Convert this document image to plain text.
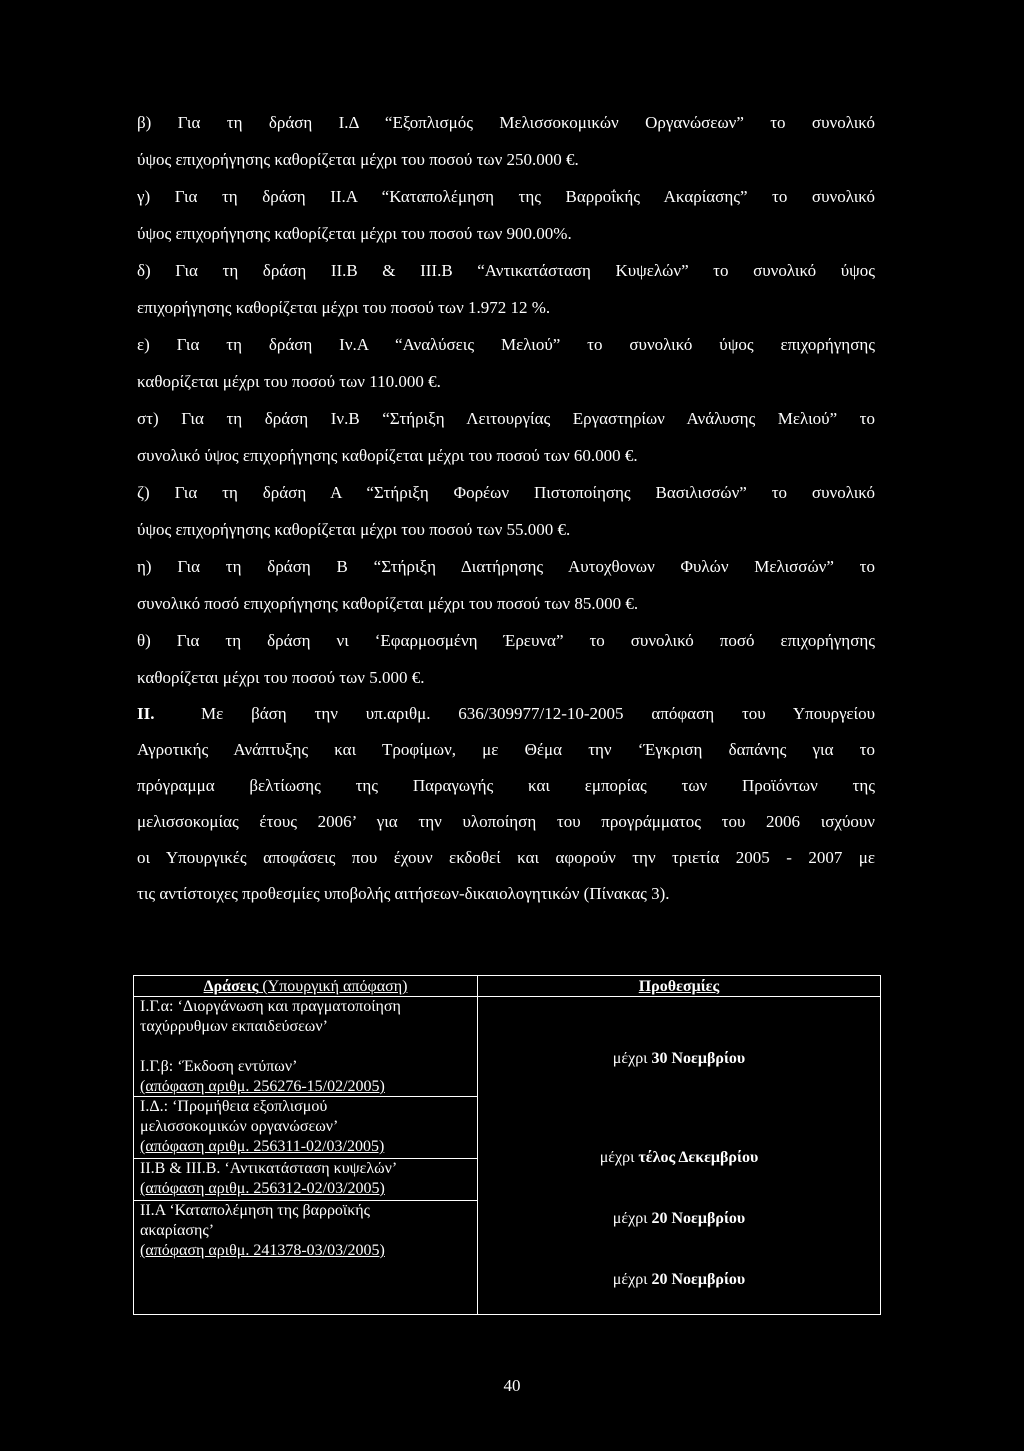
β) Για τη δράση Ι.Δ “Εξοπλισμός Μελισσοκομικών Οργανώσεων” το συνολικό
ύψος επιχορήγησης καθορίζεται μέχρι του ποσού των 250.000 €.
γ) Για τη δράση ΙΙ.Α “Καταπολέμηση της Βαρροΐκής Ακαρίασης” το συνολικό
ύψος επιχορήγησης καθορίζεται μέχρι του ποσού των 900.00%.
δ) Για τη δράση ΙΙ.Β & ΙΙΙ.Β “Αντικατάσταση Κυψελών” το συνολικό ύψος
επιχορήγησης καθορίζεται μέχρι του ποσού των 1.972 12 %.
ε) Για τη δράση Ιν.Α “Αναλύσεις Μελιού” το συνολικό ύψος επιχορήγησης
καθορίζεται μέχρι του ποσού των 110.000 €.
στ) Για τη δράση Ιν.Β “Στήριξη Λειτουργίας Εργαστηρίων Ανάλυσης Μελιού” το
συνολικό ύψος επιχορήγησης καθορίζεται μέχρι του ποσού των 60.000 €.
ζ) Για τη δράση Α “Στήριξη Φορέων Πιστοποίησης Βασιλισσών” το συνολικό
ύψος επιχορήγησης καθορίζεται μέχρι του ποσού των 55.000 €.
η) Για τη δράση Β “Στήριξη Διατήρησης Αυτοχθονων Φυλών Μελισσών” το
συνολικό ποσό επιχορήγησης καθορίζεται μέχρι του ποσού των 85.000 €.
θ) Για τη δράση νι ‘Εφαρμοσμένη Έρευνα” το συνολικό ποσό επιχορήγησης
καθορίζεται μέχρι του ποσού των 5.000 €.
II.	Με βάση την υπ.αριθμ. 636/309977/12-10-2005 απόφαση του Υπουργείου
Αγροτικής Ανάπτυξης και Τροφίμων, με Θέμα την ‘Έγκριση δαπάνης για το
πρόγραμμα βελτίωσης της Παραγωγής και εμπορίας των Προϊόντων της
μελισσοκομίας έτους 2006’ για την υλοποίηση του προγράμματος του 2006 ισχύουν
οι Υπουργικές αποφάσεις που έχουν εκδοθεί και αφορούν την τριετία 2005 - 2007 με
τις αντίστοιχες προθεσμίες υποβολής αιτήσεων-δικαιολογητικών (Πίνακας 3).
Δράσεις (Υπουργική απόφαση)
Ι.Γ.α: ‘Διοργάνωση και πραγματοποίηση
ταχύρρυθμων εκπαιδεύσεων’

Ι.Γ.β: ‘Έκδοση εντύπων’
(απόφαση αριθμ. 256276-15/02/2005)
Ι.Δ.: ‘Προμήθεια εξοπλισμού
μελισσοκομικών οργανώσεων’
(απόφαση αριθμ. 256311-02/03/2005)
ΙΙ.Β & ΙΙΙ.Β. ‘Αντικατάσταση κυψελών’
(απόφαση αριθμ. 256312-02/03/2005)
ΙΙ.Α ‘Καταπολέμηση της βαρροϊκής
ακαρίασης’
(απόφαση αριθμ. 241378-03/03/2005)
Προθεσμίες
μέχρι 30 Νοεμβρίου
μέχρι τέλος Δεκεμβρίου
μέχρι 20 Νοεμβρίου
μέχρι 20 Νοεμβρίου
40
